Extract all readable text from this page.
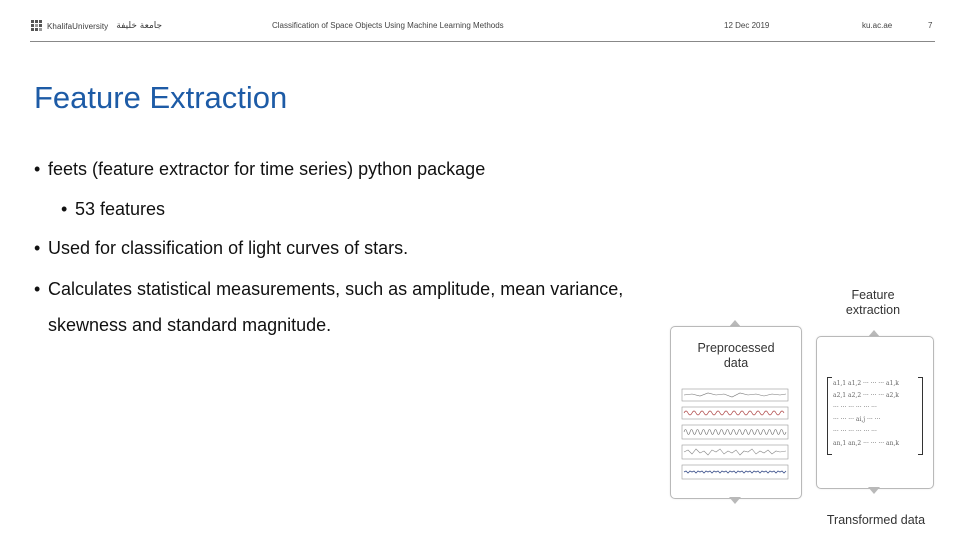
KhalifaUniversity جامعة خليفة	Classification of Space Objects Using Machine Learning Methods	12 Dec 2019	ku.ac.ae	7
Feature Extraction
• feets (feature extractor for time series) python package
• 53 features
• Used for classification of light curves of stars.
• Calculates statistical measurements, such as amplitude, mean variance,
skewness and standard magnitude.
Feature
extraction
Preprocessed
data
a1,1 a1,2 ··· ··· ··· a1,k
a2,1 a2,2 ··· ··· ··· a2,k
··· ··· ··· ··· ··· ···
··· ··· ··· ai,j ··· ···
··· ··· ··· ··· ··· ···
an,1 an,2 ··· ··· ··· an,k
Transformed data
